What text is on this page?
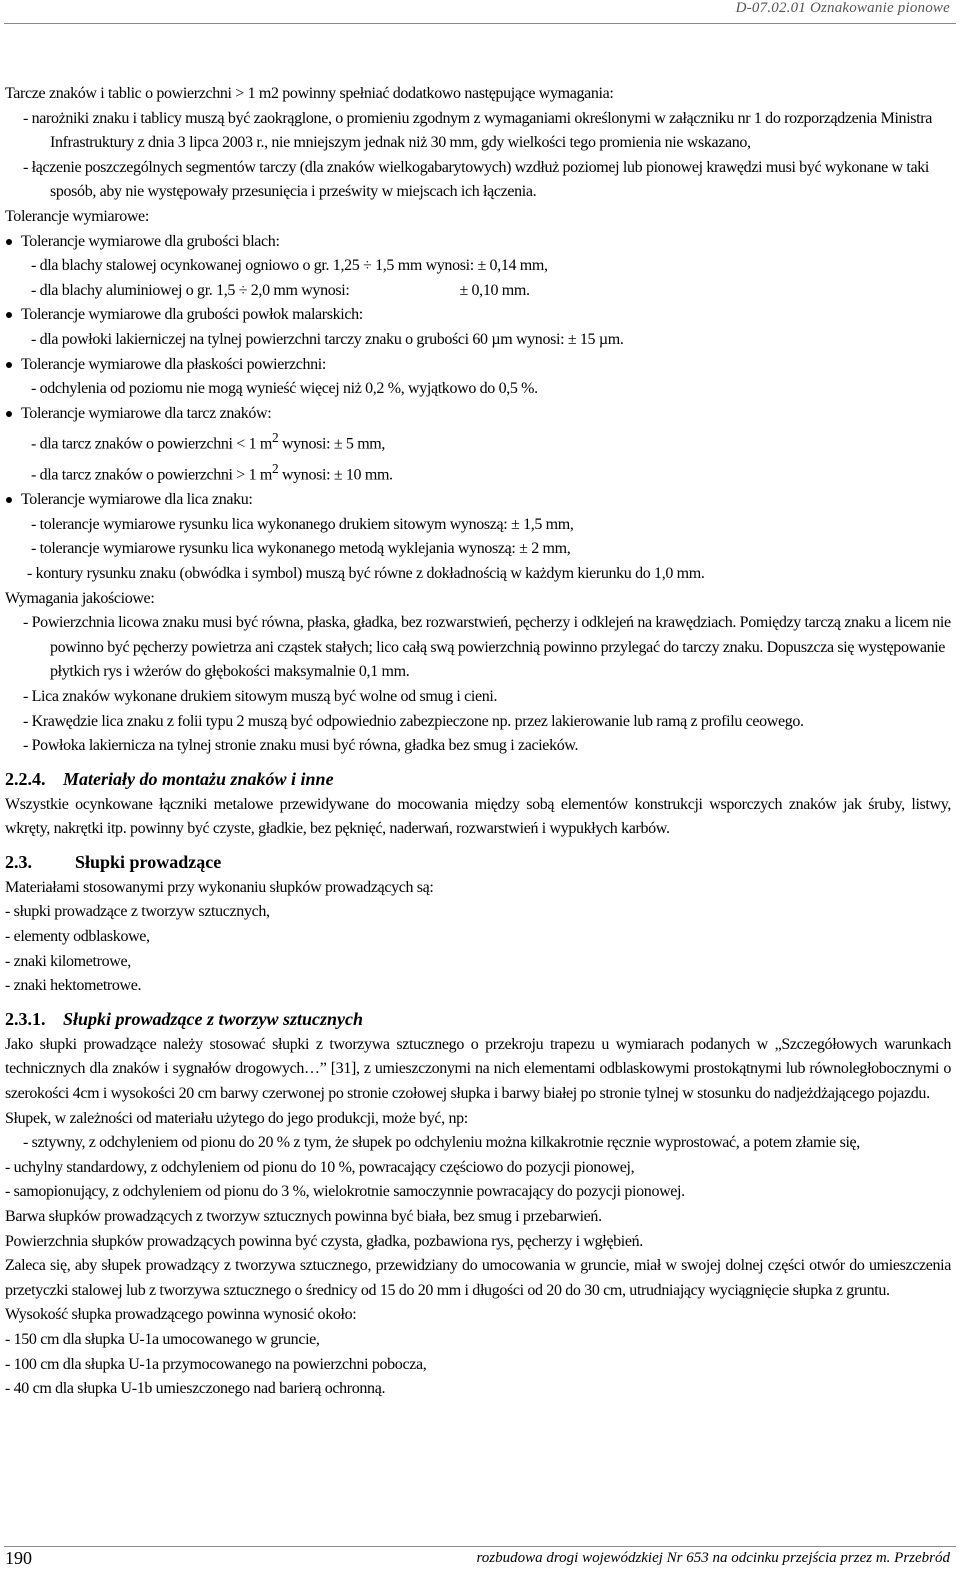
D-07.02.01 Oznakowanie pionowe

Tarcze znaków i tablic o powierzchni > 1 m2 powinny spełniać dodatkowo następujące wymagania:

- narożniki znaku i tablicy muszą być zaokrąglone, o promieniu zgodnym z wymaganiami określonymi w załączniku nr 1 do rozporządzenia Ministra Infrastruktury z dnia 3 lipca 2003 r., nie mniejszym jednak niż 30 mm, gdy wielkości tego promienia nie wskazano,

- łączenie poszczególnych segmentów tarczy (dla znaków wielkogabarytowych) wzdłuż poziomej lub pionowej krawędzi musi być wykonane w taki sposób, aby nie występowały przesunięcia i prześwity w miejscach ich łączenia.

Tolerancje wymiarowe:

Tolerancje wymiarowe dla grubości blach:

- dla blachy stalowej ocynkowanej ogniowo o gr. 1,25 ÷ 1,5 mm wynosi: ± 0,14 mm,

- dla blachy aluminiowej o gr. 1,5 ÷ 2,0 mm wynosi:	± 0,10 mm.

Tolerancje wymiarowe dla grubości powłok malarskich:

- dla powłoki lakierniczej na tylnej powierzchni tarczy znaku o grubości 60 µm wynosi: ± 15 µm.

Tolerancje wymiarowe dla płaskości powierzchni:

- odchylenia od poziomu nie mogą wynieść więcej niż 0,2 %, wyjątkowo do 0,5 %.

Tolerancje wymiarowe dla tarcz znaków:

- dla tarcz znaków o powierzchni < 1 $m^2$ wynosi: ± 5 mm,

- dla tarcz znaków o powierzchni > 1 $m^2$ wynosi: ± 10 mm.

Tolerancje wymiarowe dla lica znaku:

- tolerancje wymiarowe rysunku lica wykonanego drukiem sitowym wynoszą: ± 1,5 mm,

- tolerancje wymiarowe rysunku lica wykonanego metodą wyklejania wynoszą: ± 2 mm,

- kontury rysunku znaku (obwódka i symbol) muszą być równe z dokładnością w każdym kierunku do 1,0 mm.

Wymagania jakościowe:

- Powierzchnia licowa znaku musi być równa, płaska, gładka, bez rozwarstwień, pęcherzy i odklejeń na krawędziach. Pomiędzy tarczą znaku a licem nie powinno być pęcherzy powietrza ani cząstek stałych; lico całą swą powierzchnią powinno przylegać do tarczy znaku. Dopuszcza się występowanie płytkich rys i wżerów do głębokości maksymalnie 0,1 mm.

- Lica znaków wykonane drukiem sitowym muszą być wolne od smug i cieni.

- Krawędzie lica znaku z folii typu 2 muszą być odpowiednio zabezpieczone np. przez lakierowanie lub ramą z profilu ceowego.

- Powłoka lakiernicza na tylnej stronie znaku musi być równa, gładka bez smug i zacieków.

2.2.4. Materiały do montażu znaków i inne

Wszystkie ocynkowane łączniki metalowe przewidywane do mocowania między sobą elementów konstrukcji wsporczych znaków jak śruby, listwy, wkręty, nakrętki itp. powinny być czyste, gładkie, bez pęknięć, naderwań, rozwarstwień i wypukłych karbów.

2.3. Słupki prowadzące

Materiałami stosowanymi przy wykonaniu słupków prowadzących są:

- słupki prowadzące z tworzyw sztucznych,

- elementy odblaskowe,

- znaki kilometrowe,

- znaki hektometrowe.

2.3.1. Słupki prowadzące z tworzyw sztucznych

Jako słupki prowadzące należy stosować słupki z tworzywa sztucznego o przekroju trapezu u wymiarach podanych w „Szczegółowych warunkach technicznych dla znaków i sygnałów drogowych…” [31], z umieszczonymi na nich elementami odblaskowymi prostokątnymi lub równoległobocznymi o szerokości 4cm i wysokości 20 cm barwy czerwonej po stronie czołowej słupka i barwy białej po stronie tylnej w stosunku do nadjeżdżającego pojazdu.

Słupek, w zależności od materiału użytego do jego produkcji, może być, np:

- sztywny, z odchyleniem od pionu do 20 % z tym, że słupek po odchyleniu można kilkakrotnie ręcznie wyprostować, a potem złamie się,

- uchylny standardowy, z odchyleniem od pionu do 10 %, powracający częściowo do pozycji pionowej,

- samopionujący, z odchyleniem od pionu do 3 %, wielokrotnie samoczynnie powracający do pozycji pionowej.

Barwa słupków prowadzących z tworzyw sztucznych powinna być biała, bez smug i przebarwień.

Powierzchnia słupków prowadzących powinna być czysta, gładka, pozbawiona rys, pęcherzy i wgłębień.

Zaleca się, aby słupek prowadzący z tworzywa sztucznego, przewidziany do umocowania w gruncie, miał w swojej dolnej części otwór do umieszczenia przetyczki stalowej lub z tworzywa sztucznego o średnicy od 15 do 20 mm i długości od 20 do 30 cm, utrudniający wyciągnięcie słupka z gruntu.

Wysokość słupka prowadzącego powinna wynosić około:

- 150 cm dla słupka U-1a umocowanego w gruncie,

- 100 cm dla słupka U-1a przymocowanego na powierzchni pobocza,

- 40 cm dla słupka U-1b umieszczonego nad barierą ochronną.

190	rozbudowa drogi wojewódzkiej Nr 653 na odcinku przejścia przez m. Przebród
